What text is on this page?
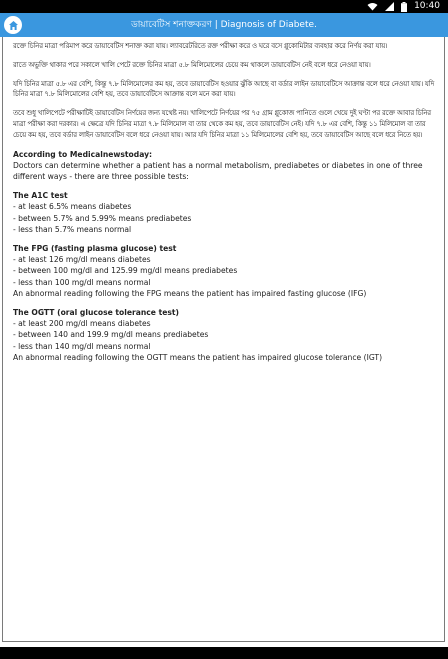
10:40
ডায়াবেটিস শনাক্তকরণ | Diagnosis of Diabete.

রক্তে চিনির মাত্রা পরিমাপ করে ডায়াবেটিস শনাক্ত করা যায়। ল্যাবরেটরিতে রক্ত পরীক্ষা করে ও ঘরে বসে গ্লুকোমিটার ব্যবহার করে নির্ণয় করা যায়।

রাতে অভুক্তি থাকার পরে সকালে খালি পেটে রক্তে চিনির মাত্রা ৫.৮ মিলিমোলের চেয়ে কম থাকলে ডায়াবেটিস নেই বলে ধরে নেওয়া যায়।

যদি চিনির মাত্রা ৫.৮ এর বেশি, কিন্তু ৭.৮ মিলিমোলের কম হয়, তবে ডায়াবেটিস হওয়ার ঝুঁকি আছে বা বর্ডার লাইন ডায়াবেটিসে আক্রান্ত বলে ধরে নেওয়া যায়। যদি চিনির মাত্রা ৭.৮ মিলিমোলের বেশি হয়, তবে ডায়াবেটিসে আক্রান্ত বলে মনে করা যায়।

তবে শুধু খালিপেটে পরীক্ষাটিই ডায়াবেটিস নির্ণয়ের জন্য যথেষ্ট নয়। খালিপেটে নির্ণয়ের পর ৭৫ গ্রাম গ্লুকোজ পানিতে গুলে খেয়ে দুই ঘণ্টা পর রক্তে আবার চিনির মাত্রা পরীক্ষা করা দরকার। এ ক্ষেত্রে যদি চিনির মাত্রা ৭.৮ মিলিমোল বা তার থেকে কম হয়, তবে ডায়াবেটিস নেই। যদি ৭.৮ এর বেশি, কিন্তু ১১ মিলিমোল বা তার চেয়ে কম হয়, তবে বর্ডার লাইন ডায়াবেটিস বলে ধরে নেওয়া যায়। আর যদি চিনির মাত্রা ১১ মিলিমোলের বেশি হয়, তবে ডায়াবেটিস আছে বলে ধরে নিতে হয়।

According to Medicalnewstoday:
Doctors can determine whether a patient has a normal metabolism, prediabetes or diabetes in one of three different ways - there are three possible tests:
The A1C test
- at least 6.5% means diabetes
- between 5.7% and 5.99% means prediabetes
- less than 5.7% means normal
The FPG (fasting plasma glucose) test
- at least 126 mg/dl means diabetes
- between 100 mg/dl and 125.99 mg/dl means prediabetes
- less than 100 mg/dl means normal
An abnormal reading following the FPG means the patient has impaired fasting glucose (IFG)
The OGTT (oral glucose tolerance test)
- at least 200 mg/dl means diabetes
- between 140 and 199.9 mg/dl means prediabetes
- less than 140 mg/dl means normal
An abnormal reading following the OGTT means the patient has impaired glucose tolerance (IGT)
